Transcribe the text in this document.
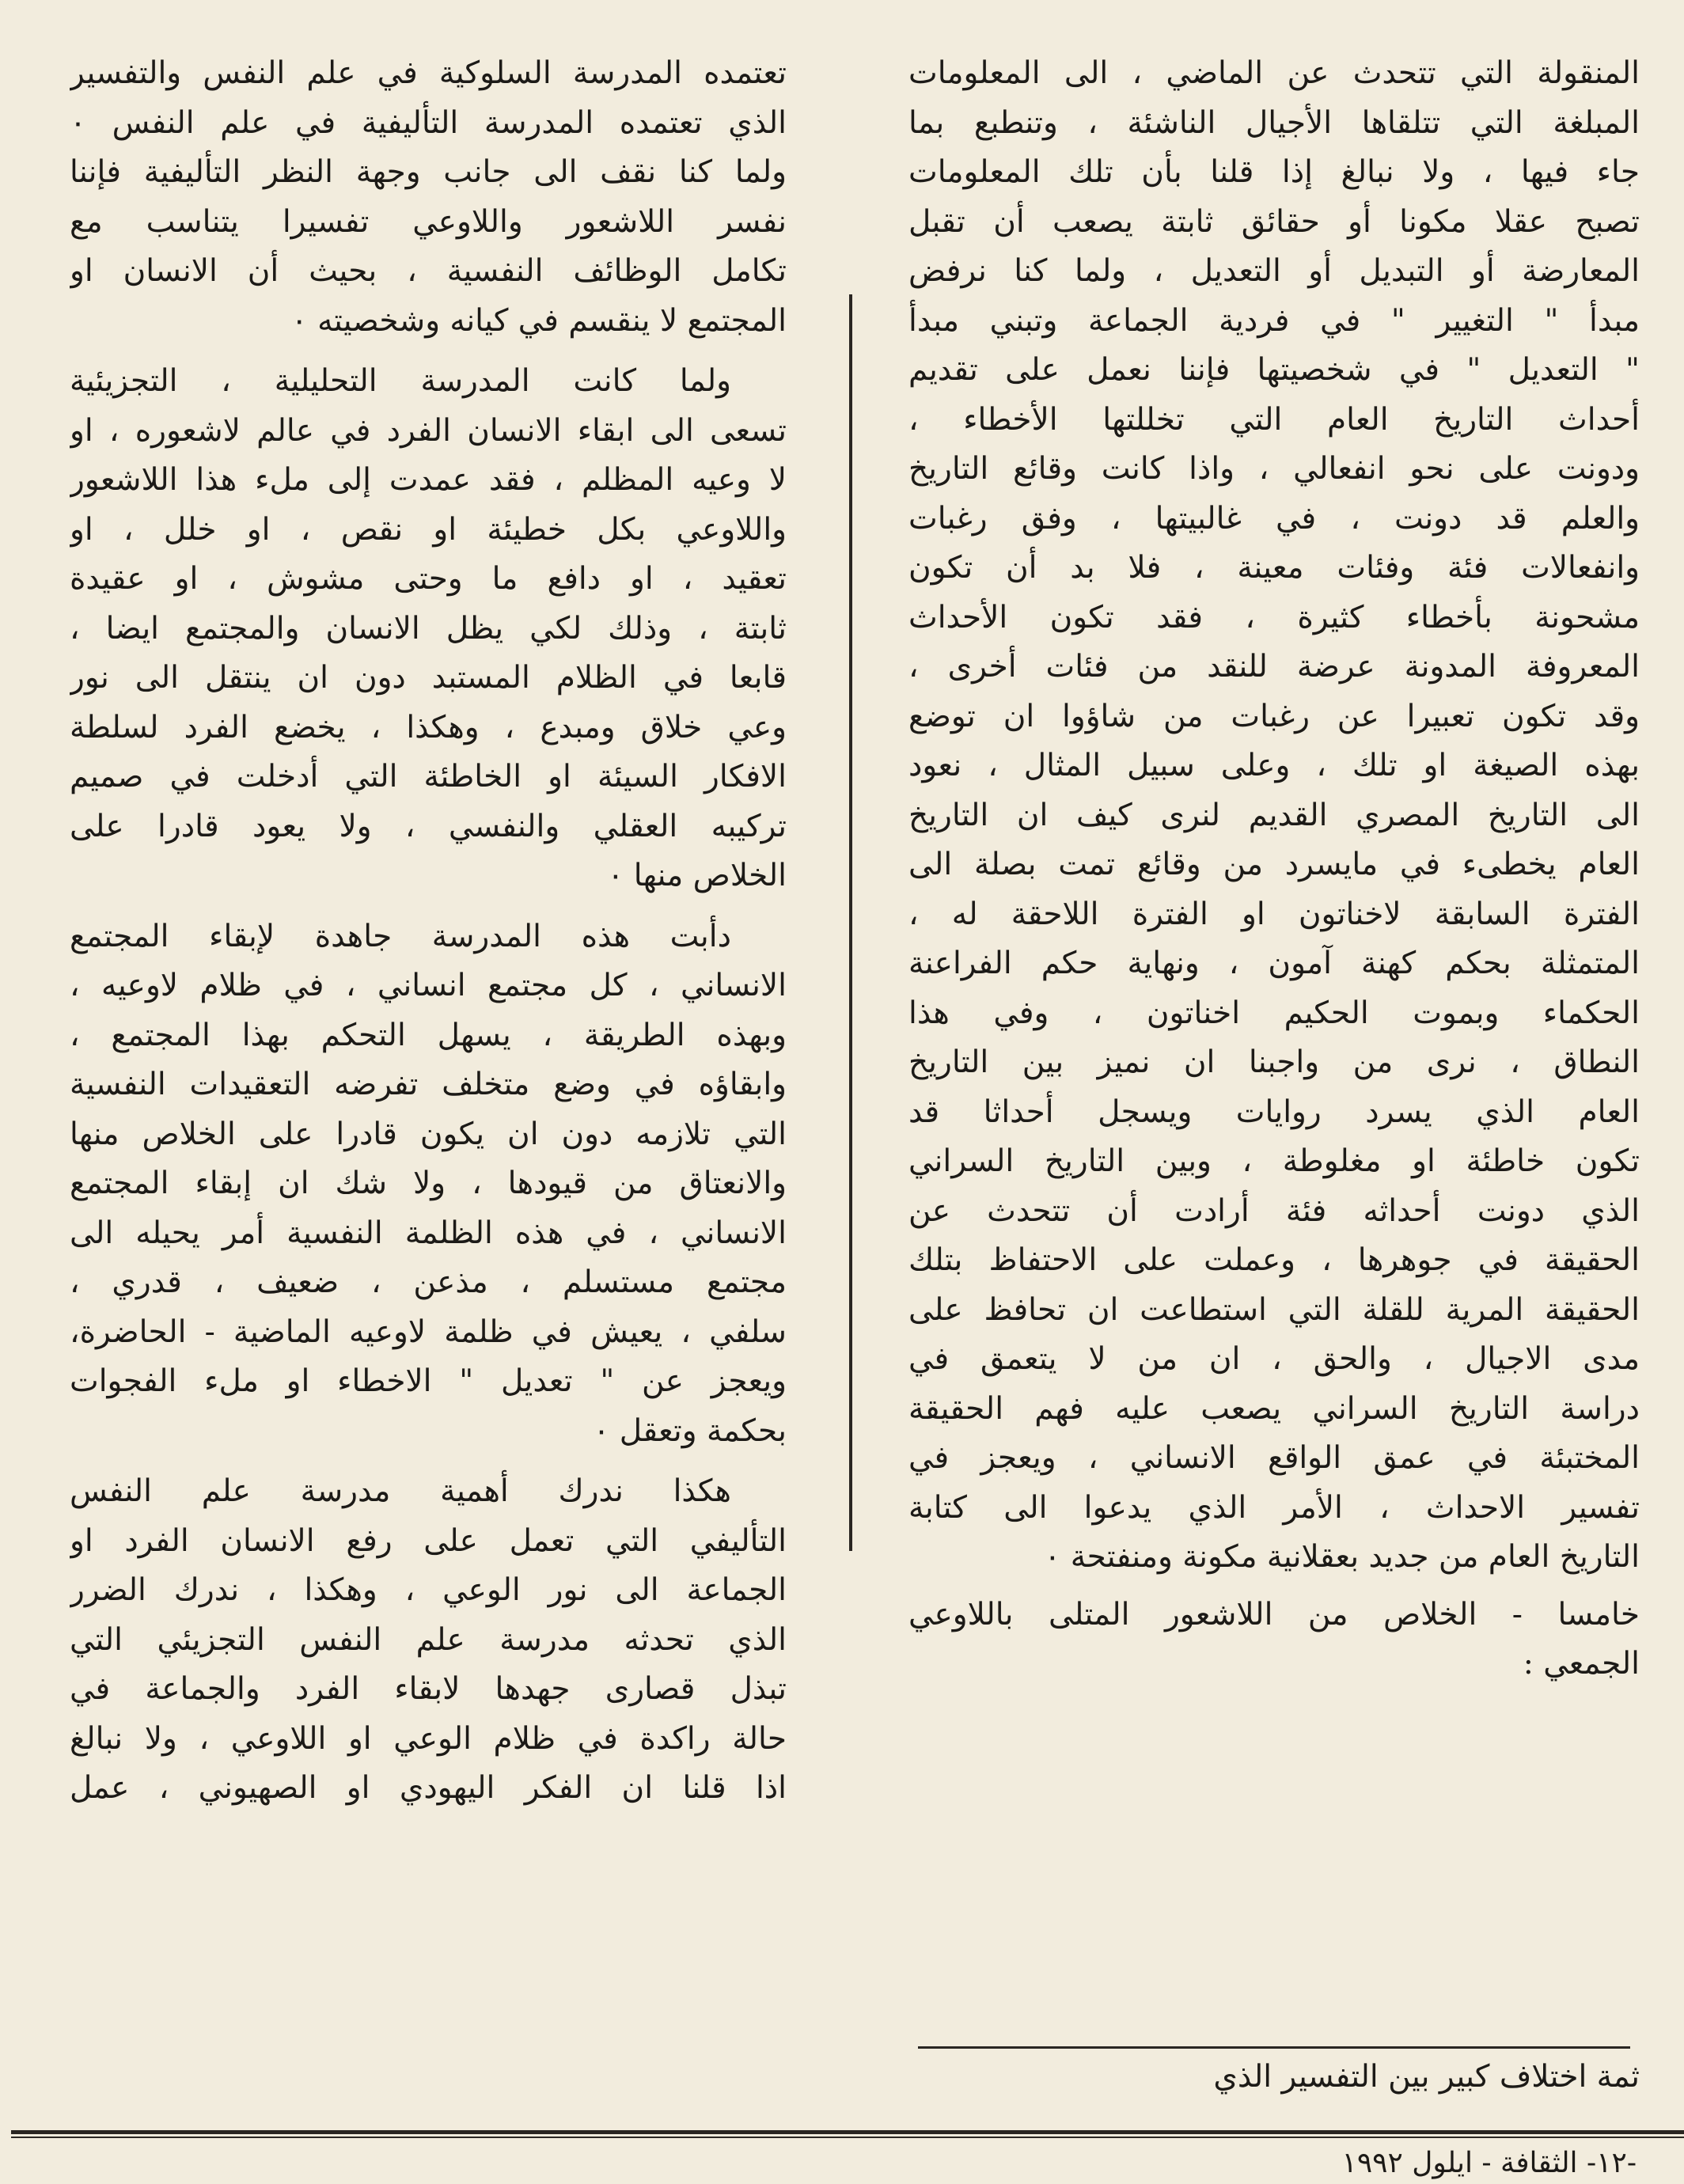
المنقولة التي تتحدث عن الماضي ، الى المعلومات
المبلغة التي تتلقاها الأجيال الناشئة ، وتنطبع بما
جاء فيها ، ولا نبالغ إذا قلنا بأن تلك المعلومات
تصبح عقلا مكونا أو حقائق ثابتة يصعب أن تقبل
المعارضة أو التبديل أو التعديل ، ولما كنا نرفض
مبدأ " التغيير " في فردية الجماعة وتبني مبدأ
" التعديل " في شخصيتها فإننا نعمل على تقديم
أحداث التاريخ العام التي تخللتها الأخطاء ،
ودونت على نحو انفعالي ، واذا كانت وقائع التاريخ
والعلم قد دونت ، في غالبيتها ، وفق رغبات
وانفعالات فئة وفئات معينة ، فلا بد أن تكون
مشحونة بأخطاء كثيرة ، فقد تكون الأحداث
المعروفة المدونة عرضة للنقد من فئات أخرى ،
وقد تكون تعبيرا عن رغبات من شاؤوا ان توضع
بهذه الصيغة او تلك ، وعلى سبيل المثال ، نعود
الى التاريخ المصري القديم لنرى كيف ان التاريخ
العام يخطىء في مايسرد من وقائع تمت بصلة الى
الفترة السابقة لاخناتون او الفترة اللاحقة له ،
المتمثلة بحكم كهنة آمون ، ونهاية حكم الفراعنة
الحكماء وبموت الحكيم اخناتون ، وفي هذا
النطاق ، نرى من واجبنا ان نميز بين التاريخ
العام الذي يسرد روايات ويسجل أحداثا قد
تكون خاطئة او مغلوطة ، وبين التاريخ السراني
الذي دونت أحداثه فئة أرادت أن تتحدث عن
الحقيقة في جوهرها ، وعملت على الاحتفاظ بتلك
الحقيقة المرية للقلة التي استطاعت ان تحافظ على
مدى الاجيال ، والحق ، ان من لا يتعمق في
دراسة التاريخ السراني يصعب عليه فهم الحقيقة
المختبئة في عمق الواقع الانساني ، ويعجز في
تفسير الاحداث ، الأمر الذي يدعوا الى كتابة
التاريخ العام من جديد بعقلانية مكونة ومنفتحة ٠
خامسا - الخلاص من اللاشعور المتلى باللاوعي
الجمعي :
تعتمده المدرسة السلوكية في علم النفس والتفسير
الذي تعتمده المدرسة التأليفية في علم النفس ٠
ولما كنا نقف الى جانب وجهة النظر التأليفية فإننا
نفسر اللاشعور واللاوعي تفسيرا يتناسب مع
تكامل الوظائف النفسية ، بحيث أن الانسان او
المجتمع لا ينقسم في كيانه وشخصيته ٠
ولما كانت المدرسة التحليلية ، التجزيئية
تسعى الى ابقاء الانسان الفرد في عالم لاشعوره ، او
لا وعيه المظلم ، فقد عمدت إلى ملء هذا اللاشعور
واللاوعي بكل خطيئة او نقص ، او خلل ، او
تعقيد ، او دافع ما وحتى مشوش ، او عقيدة
ثابتة ، وذلك لكي يظل الانسان والمجتمع ايضا ،
قابعا في الظلام المستبد دون ان ينتقل الى نور
وعي خلاق ومبدع ، وهكذا ، يخضع الفرد لسلطة
الافكار السيئة او الخاطئة التي أدخلت في صميم
تركيبه العقلي والنفسي ، ولا يعود قادرا على
الخلاص منها ٠
دأبت هذه المدرسة جاهدة لإبقاء المجتمع
الانساني ، كل مجتمع انساني ، في ظلام لاوعيه ،
وبهذه الطريقة ، يسهل التحكم بهذا المجتمع ،
وابقاؤه في وضع متخلف تفرضه التعقيدات النفسية
التي تلازمه دون ان يكون قادرا على الخلاص منها
والانعتاق من قيودها ، ولا شك ان إبقاء المجتمع
الانساني ، في هذه الظلمة النفسية أمر يحيله الى
مجتمع مستسلم ، مذعن ، ضعيف ، قدري ،
سلفي ، يعيش في ظلمة لاوعيه الماضية - الحاضرة،
ويعجز عن " تعديل " الاخطاء او ملء الفجوات
بحكمة وتعقل ٠
هكذا ندرك أهمية مدرسة علم النفس
التأليفي التي تعمل على رفع الانسان الفرد او
الجماعة الى نور الوعي ، وهكذا ، ندرك الضرر
الذي تحدثه مدرسة علم النفس التجزيئي التي
تبذل قصارى جهدها لابقاء الفرد والجماعة في
حالة راكدة في ظلام الوعي او اللاوعي ، ولا نبالغ
اذا قلنا ان الفكر اليهودي او الصهيوني ، عمل
ثمة اختلاف كبير بين التفسير الذي
-١٢- الثقافة - ايلول ١٩٩٢
